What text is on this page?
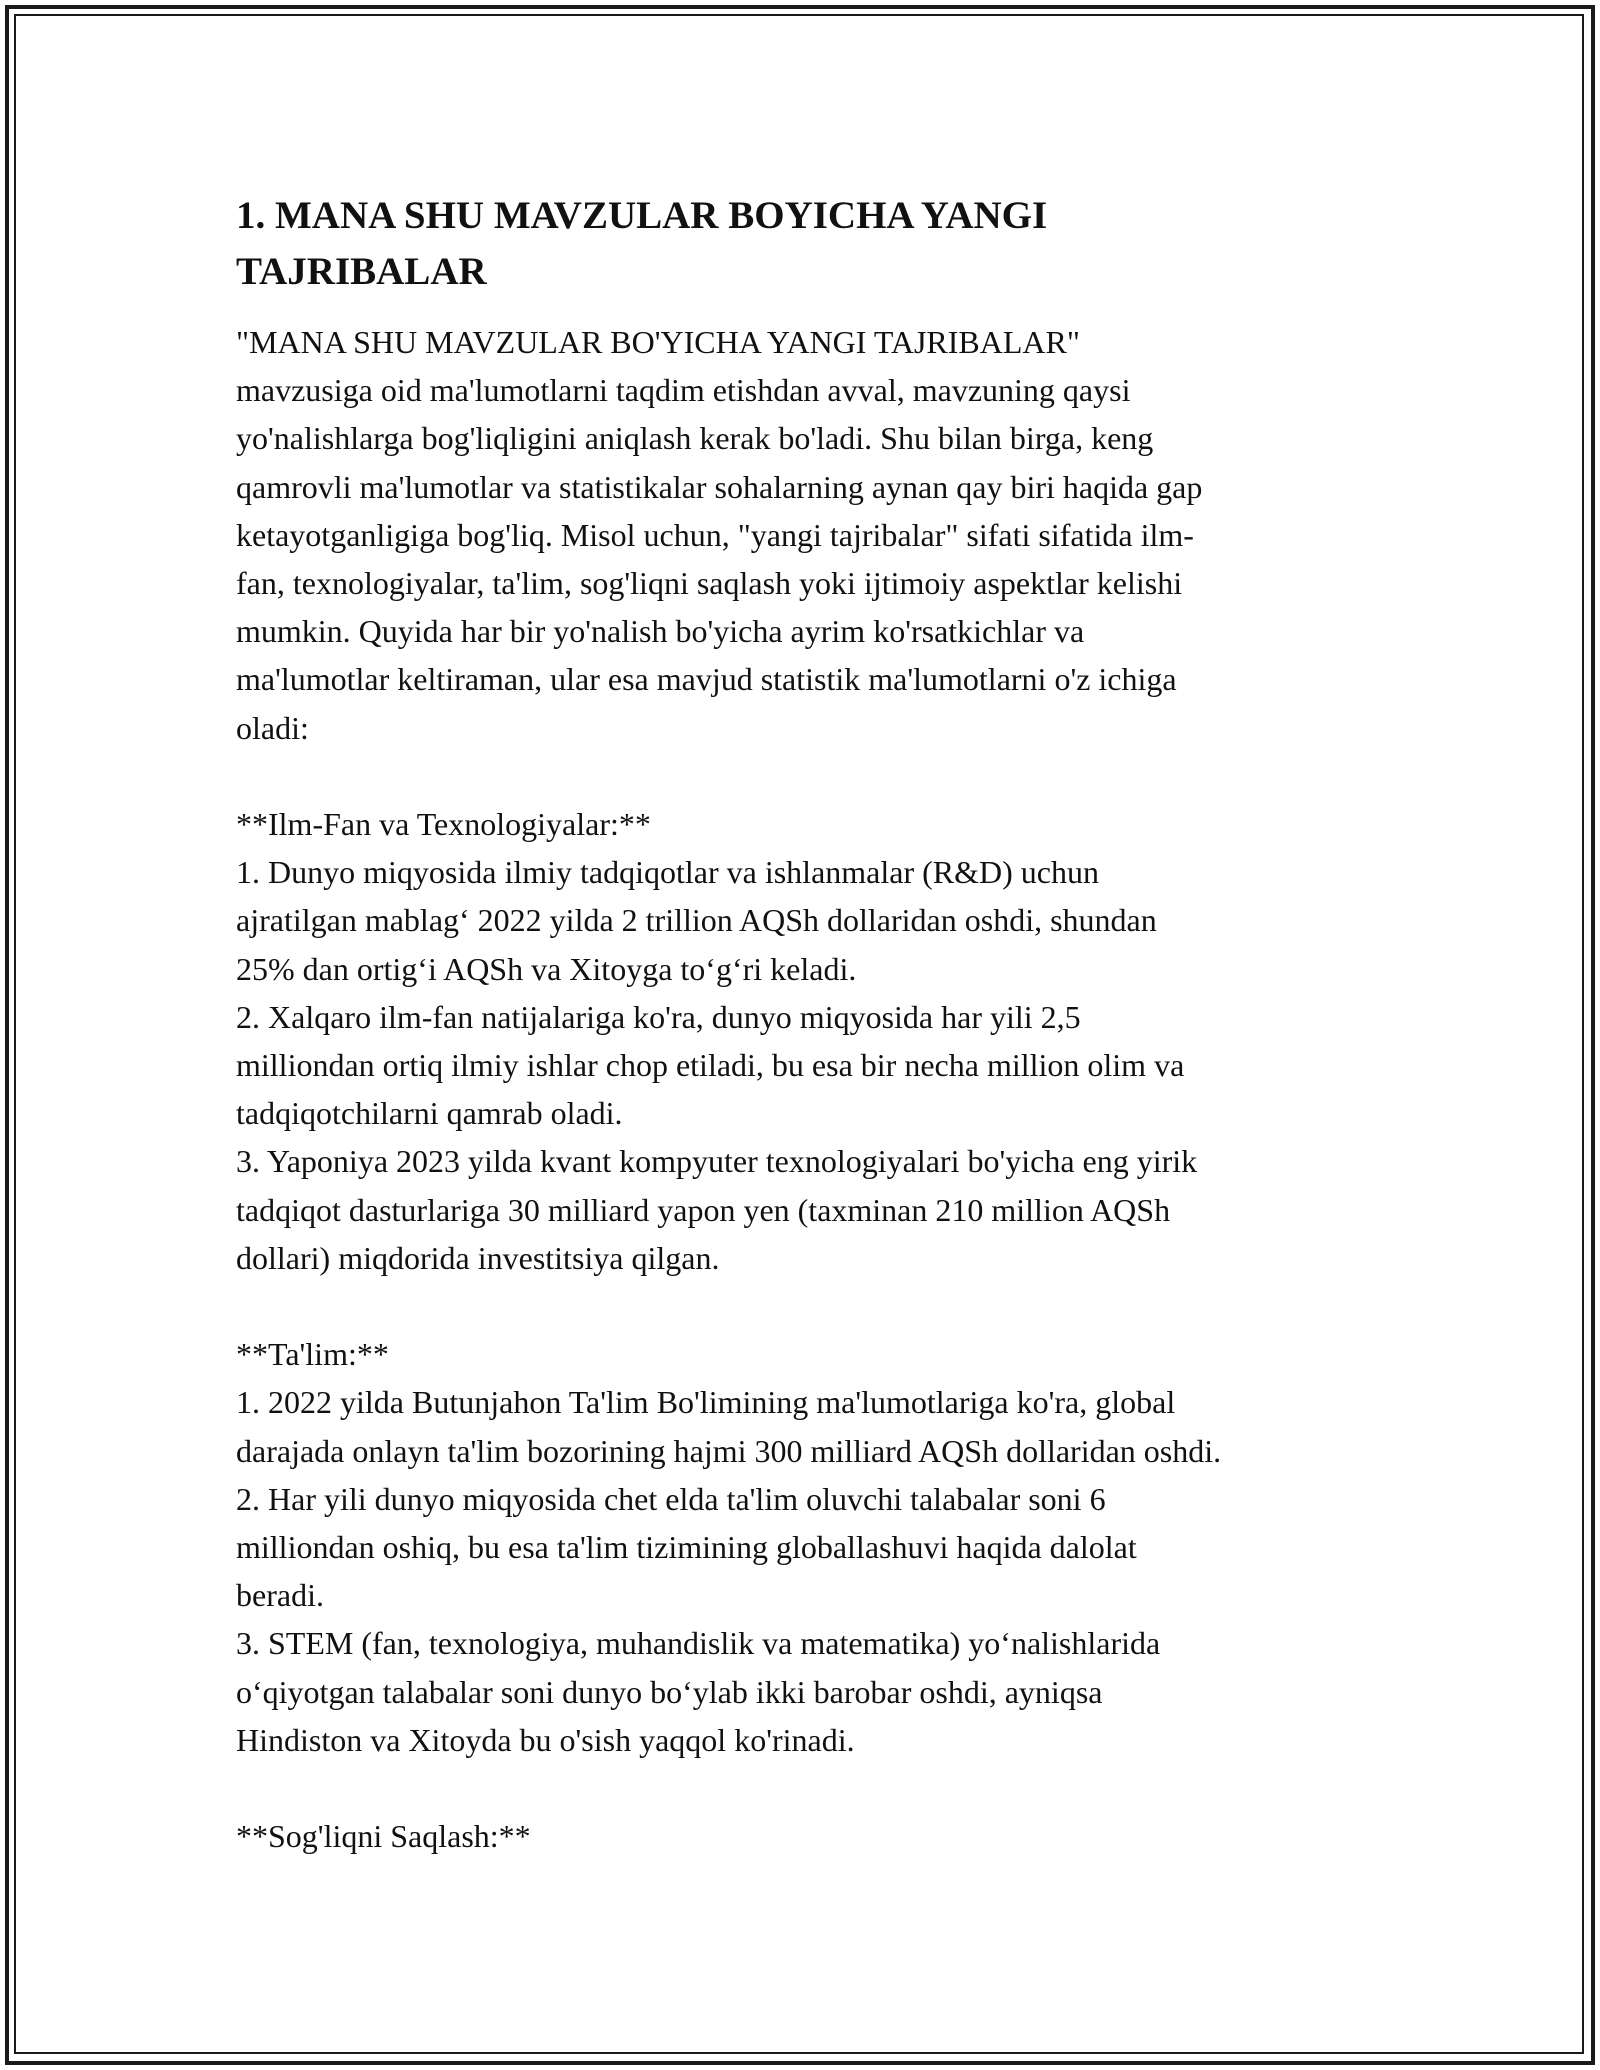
1. MANA SHU MAVZULAR BOYICHA YANGI
TAJRIBALAR

"MANA SHU MAVZULAR BO'YICHA YANGI TAJRIBALAR"
mavzusiga oid ma'lumotlarni taqdim etishdan avval, mavzuning qaysi
yo'nalishlarga bog'liqligini aniqlash kerak bo'ladi. Shu bilan birga, keng
qamrovli ma'lumotlar va statistikalar sohalarning aynan qay biri haqida gap
ketayotganligiga bog'liq. Misol uchun, "yangi tajribalar" sifati sifatida ilm-
fan, texnologiyalar, ta'lim, sog'liqni saqlash yoki ijtimoiy aspektlar kelishi
mumkin. Quyida har bir yo'nalish bo'yicha ayrim ko'rsatkichlar va
ma'lumotlar keltiraman, ular esa mavjud statistik ma'lumotlarni o'z ichiga
oladi:
**Ilm-Fan va Texnologiyalar:**
1. Dunyo miqyosida ilmiy tadqiqotlar va ishlanmalar (R&D) uchun
ajratilgan mablag‘ 2022 yilda 2 trillion AQSh dollaridan oshdi, shundan
25% dan ortig‘i AQSh va Xitoyga to‘g‘ri keladi.
2. Xalqaro ilm-fan natijalariga ko'ra, dunyo miqyosida har yili 2,5
milliondan ortiq ilmiy ishlar chop etiladi, bu esa bir necha million olim va
tadqiqotchilarni qamrab oladi.
3. Yaponiya 2023 yilda kvant kompyuter texnologiyalari bo'yicha eng yirik
tadqiqot dasturlariga 30 milliard yapon yen (taxminan 210 million AQSh
dollari) miqdorida investitsiya qilgan.
**Ta'lim:**
1. 2022 yilda Butunjahon Ta'lim Bo'limining ma'lumotlariga ko'ra, global
darajada onlayn ta'lim bozorining hajmi 300 milliard AQSh dollaridan oshdi.
2. Har yili dunyo miqyosida chet elda ta'lim oluvchi talabalar soni 6
milliondan oshiq, bu esa ta'lim tizimining globallashuvi haqida dalolat
beradi.
3. STEM (fan, texnologiya, muhandislik va matematika) yo‘nalishlarida
o‘qiyotgan talabalar soni dunyo bo‘ylab ikki barobar oshdi, ayniqsa
Hindiston va Xitoyda bu o'sish yaqqol ko'rinadi.
**Sog'liqni Saqlash:**
